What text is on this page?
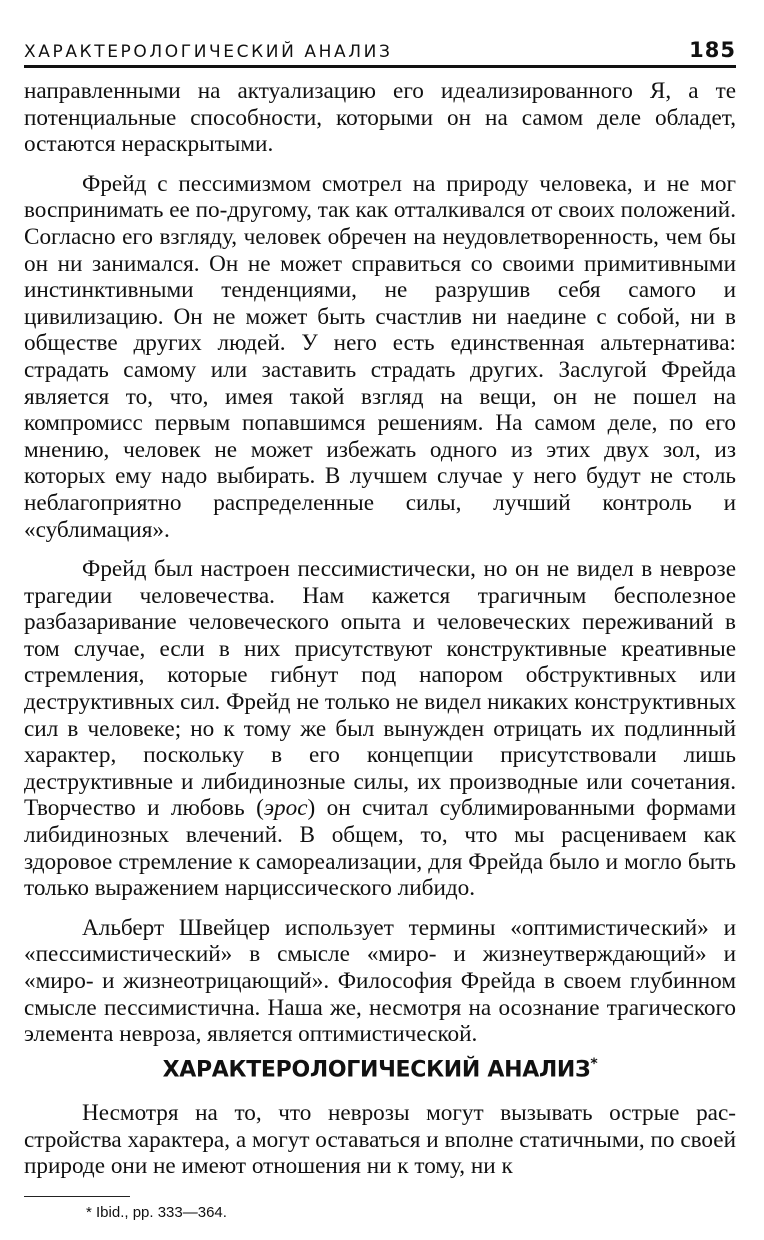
ХАРАКТЕРОЛОГИЧЕСКИЙ АНАЛИЗ	185

направленными на актуализацию его идеализированного Я, а те потенциальные способности, которыми он на самом деле обладет, остаются нераскрытыми.

Фрейд с пессимизмом смотрел на природу человека, и не мог воспринимать ее по-другому, так как отталкивался от своих положений. Согласно его взгляду, человек обречен на неудовлетворенность, чем бы он ни занимался. Он не может справиться со своими примитивными инстинктивными тенденциями, не разрушив себя самого и цивилизацию. Он не может быть счастлив ни наедине с собой, ни в обществе других людей. У него есть единственная альтернатива: страдать самому или заставить страдать других. Заслугой Фрейда является то, что, имея такой взгляд на вещи, он не пошел на компромисс первым попавшимся решениям. На самом деле, по его мнению, человек не может избежать одного из этих двух зол, из которых ему надо выбирать. В лучшем случае у него будут не столь неблагоприятно распределенные силы, лучший контроль и «сублимация».

Фрейд был настроен пессимистически, но он не видел в неврозе трагедии человечества. Нам кажется трагичным бесполезное разбазаривание человеческого опыта и человеческих переживаний в том случае, если в них присутствуют конструктивные креативные стремления, которые гибнут под напором обструктивных или деструктивных сил. Фрейд не только не видел никаких конструктивных сил в человеке; но к тому же был вынужден отрицать их подлинный характер, поскольку в его концепции присутствовали лишь деструктивные и либидинозные силы, их производные или сочетания. Творчество и любовь (эрос) он считал сублимированными формами либидинозных влечений. В общем, то, что мы расцениваем как здоровое стремление к самореализации, для Фрейда было и могло быть только выражением нарциссического либидо.

Альберт Швейцер использует термины «оптимистический» и «пессимистический» в смысле «миро- и жизнеутверждающий» и «миро- и жизнеотрицающий». Философия Фрейда в своем глубинном смысле пессимистична. Наша же, несмотря на осознание трагического элемента невроза, является оптимистической.

ХАРАКТЕРОЛОГИЧЕСКИЙ АНАЛИЗ*

Несмотря на то, что неврозы могут вызывать острые расстройства характера, а могут оставаться и вполне статичными, по своей природе они не имеют отношения ни к тому, ни к

* Ibid., pp. 333—364.
